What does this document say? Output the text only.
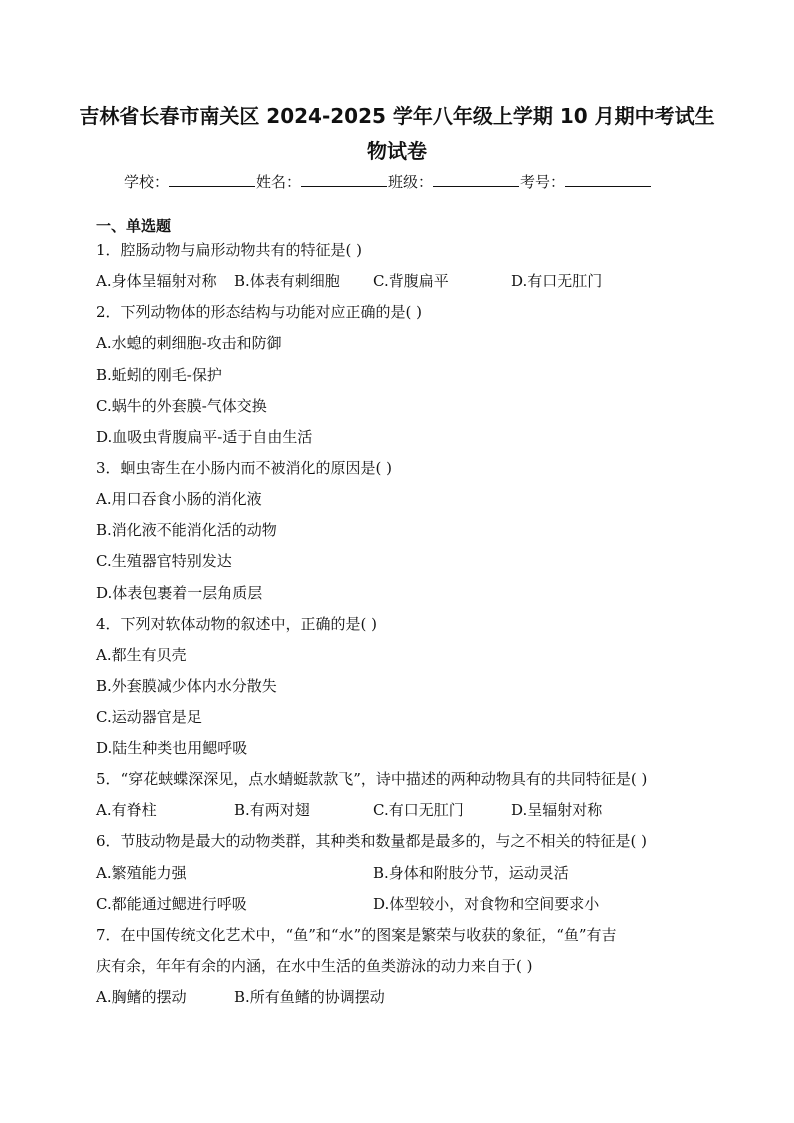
吉林省长春市南关区 2024-2025 学年八年级上学期 10 月期中考试生
物试卷
学校：	姓名：	班级：	考号：
一、单选题
1．腔肠动物与扁形动物共有的特征是( )
A.身体呈辐射对称 B.体表有刺细胞 C.背腹扁平	D.有口无肛门
2．下列动物体的形态结构与功能对应正确的是( )
A.水螅的刺细胞-攻击和防御
B.蚯蚓的刚毛-保护
C.蜗牛的外套膜-气体交换
D.血吸虫背腹扁平-适于自由生活
3．蛔虫寄生在小肠内而不被消化的原因是( )
A.用口吞食小肠的消化液
B.消化液不能消化活的动物
C.生殖器官特别发达
D.体表包裹着一层角质层
4．下列对软体动物的叙述中，正确的是( )
A.都生有贝壳
B.外套膜减少体内水分散失
C.运动器官是足
D.陆生种类也用鳃呼吸
5．“穿花蛱蝶深深见，点水蜻蜓款款飞”，诗中描述的两种动物具有的共同特征是( )
A.有脊柱	B.有两对翅	C.有口无肛门	D.呈辐射对称
6．节肢动物是最大的动物类群，其种类和数量都是最多的，与之不相关的特征是( )
A.繁殖能力强	B.身体和附肢分节，运动灵活
C.都能通过鳃进行呼吸	D.体型较小，对食物和空间要求小
7．在中国传统文化艺术中，“鱼”和“水”的图案是繁荣与收获的象征，“鱼”有吉
庆有余，年年有余的内涵，在水中生活的鱼类游泳的动力来自于( )
A.胸鳍的摆动	B.所有鱼鳍的协调摆动
